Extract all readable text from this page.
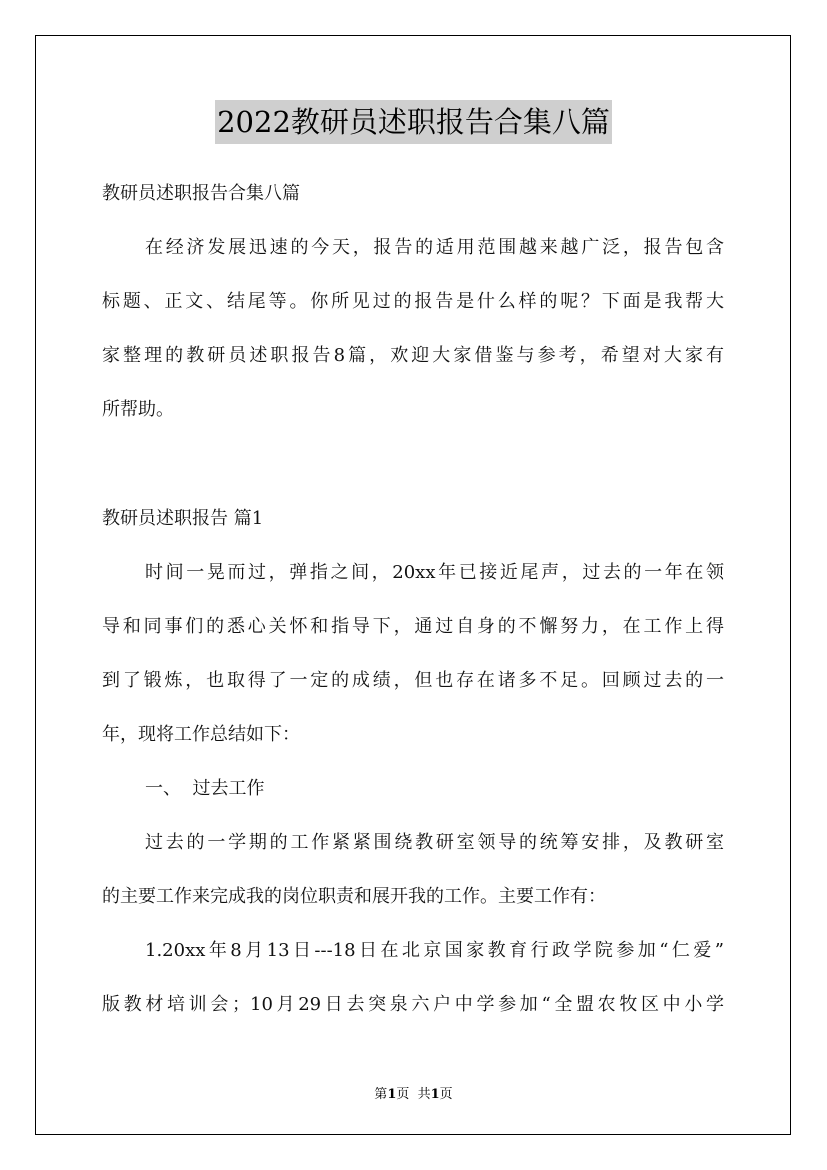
2022教研员述职报告合集八篇
教研员述职报告合集八篇
在经济发展迅速的今天，报告的适用范围越来越广泛，报告包含
标题、正文、结尾等。你所见过的报告是什么样的呢？下面是我帮大
家整理的教研员述职报告8篇，欢迎大家借鉴与参考，希望对大家有
所帮助。
教研员述职报告 篇1
时间一晃而过，弹指之间，20xx年已接近尾声，过去的一年在领
导和同事们的悉心关怀和指导下，通过自身的不懈努力，在工作上得
到了锻炼，也取得了一定的成绩，但也存在诸多不足。回顾过去的一
年，现将工作总结如下：
一、  过去工作
过去的一学期的工作紧紧围绕教研室领导的统筹安排，及教研室
的主要工作来完成我的岗位职责和展开我的工作。主要工作有：
1.20xx年8月13日---18日在北京国家教育行政学院参加“仁爱”
版教材培训会；10月29日去突泉六户中学参加“全盟农牧区中小学
第1页  共1页
